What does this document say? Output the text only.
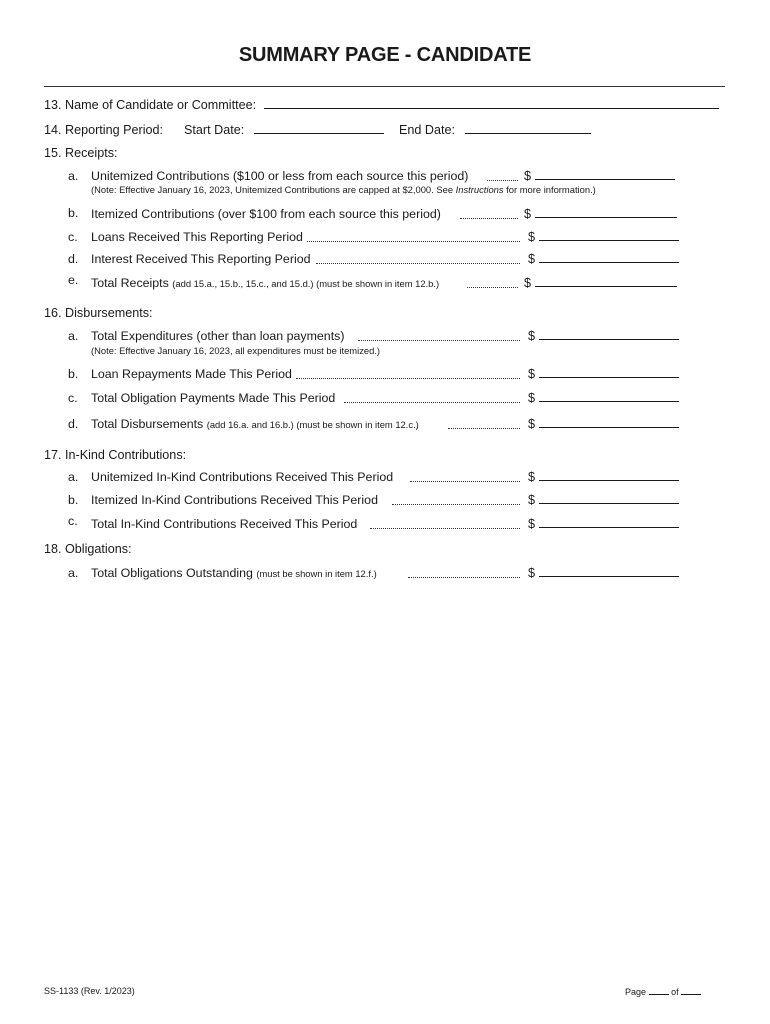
SUMMARY PAGE - CANDIDATE
13. Name of Candidate or Committee:
14. Reporting Period: Start Date:	End Date:
15. Receipts:
a. Unitemized Contributions ($100 or less from each source this period)	$
(Note: Effective January 16, 2023, Unitemized Contributions are capped at $2,000. See Instructions for more information.)
b. Itemized Contributions (over $100 from each source this period)	$
c. Loans Received This Reporting Period	$
d. Interest Received This Reporting Period	$
e. Total Receipts (add 15.a., 15.b., 15.c., and 15.d.) (must be shown in item 12.b.)	$
16. Disbursements:
a. Total Expenditures (other than loan payments)	$
(Note: Effective January 16, 2023, all expenditures must be itemized.)
b. Loan Repayments Made This Period	$
c. Total Obligation Payments Made This Period	$
d. Total Disbursements (add 16.a. and 16.b.) (must be shown in item 12.c.)	$
17. In-Kind Contributions:
a. Unitemized In-Kind Contributions Received This Period	$
b. Itemized In-Kind Contributions Received This Period	$
c. Total In-Kind Contributions Received This Period	$
18. Obligations:
a. Total Obligations Outstanding (must be shown in item 12.f.)	$
SS-1133 (Rev. 1/2023)	Page	of
